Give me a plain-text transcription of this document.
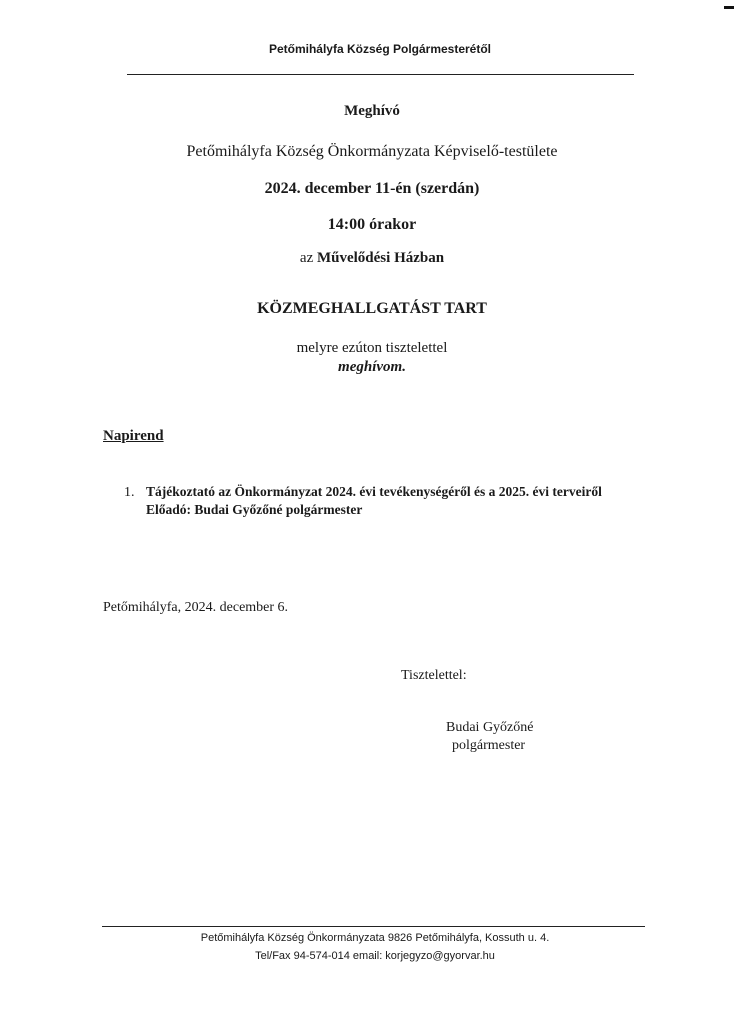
Petőmihályfa Község Polgármesterétől
Meghívó
Petőmihályfa Község Önkormányzata Képviselő-testülete
2024. december 11-én (szerdán)
14:00 órakor
az Művelődési Házban
KÖZMEGHALLGATÁST TART
melyre ezúton tisztelettel
meghívom.
Napirend
1. Tájékoztató az Önkormányzat 2024. évi tevékenységéről és a 2025. évi terveiről
Előadó: Budai Győzőné polgármester
Petőmihályfa, 2024. december 6.
Tisztelettel:
Budai Győzőné
polgármester
Petőmihályfa Község Önkormányzata 9826 Petőmihályfa, Kossuth u. 4.
Tel/Fax 94-574-014 email: korjegyzo@gyorvar.hu
